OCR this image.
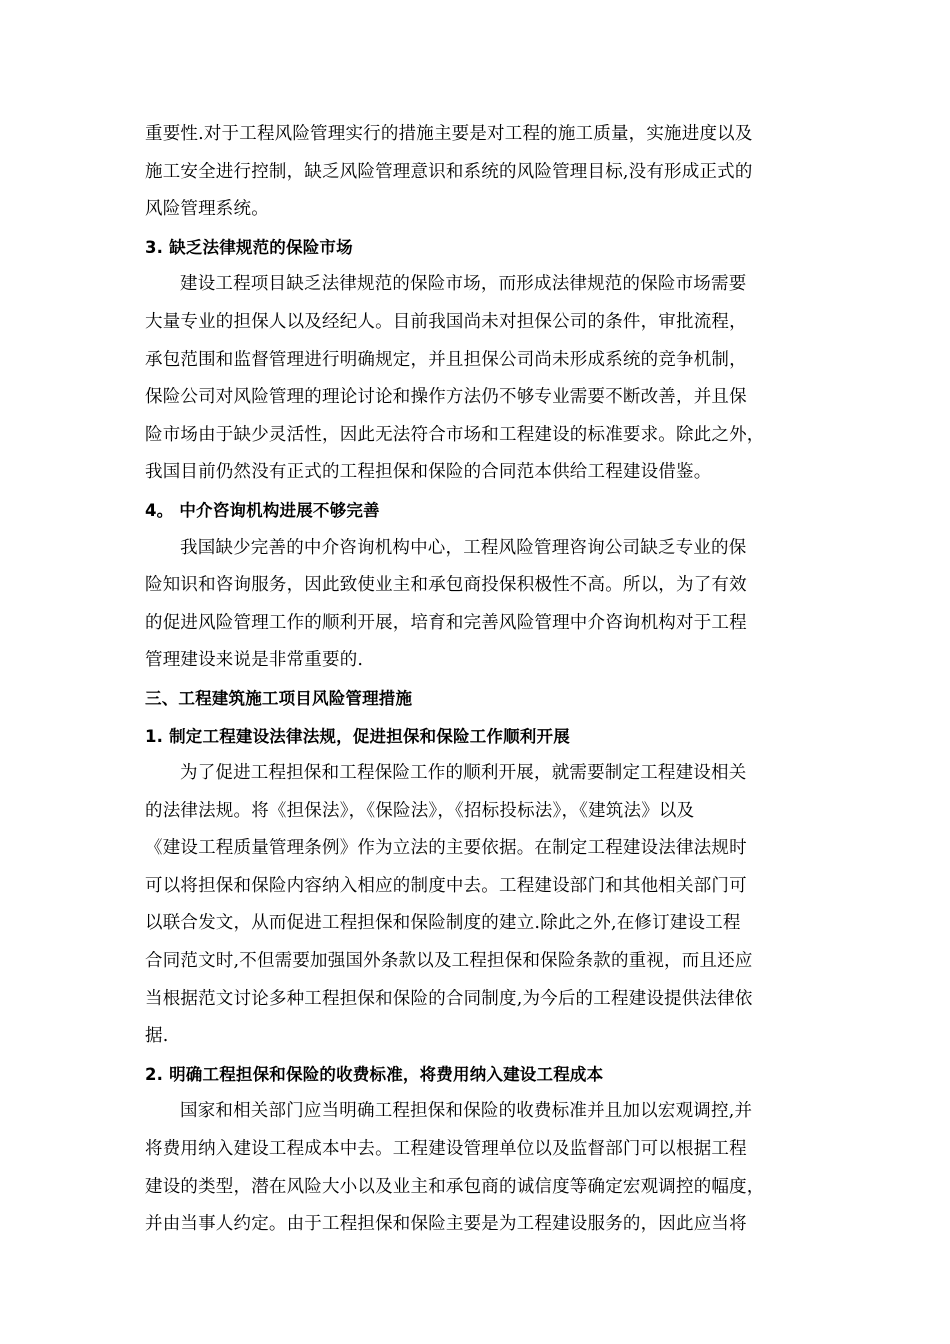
重要性.对于工程风险管理实行的措施主要是对工程的施工质量，实施进度以及
施工安全进行控制，缺乏风险管理意识和系统的风险管理目标,没有形成正式的
风险管理系统。
3. 缺乏法律规范的保险市场
建设工程项目缺乏法律规范的保险市场，而形成法律规范的保险市场需要
大量专业的担保人以及经纪人。目前我国尚未对担保公司的条件，审批流程，
承包范围和监督管理进行明确规定，并且担保公司尚未形成系统的竞争机制，
保险公司对风险管理的理论讨论和操作方法仍不够专业需要不断改善，并且保
险市场由于缺少灵活性，因此无法符合市场和工程建设的标准要求。除此之外，
我国目前仍然没有正式的工程担保和保险的合同范本供给工程建设借鉴。
4。 中介咨询机构进展不够完善
我国缺少完善的中介咨询机构中心，工程风险管理咨询公司缺乏专业的保
险知识和咨询服务，因此致使业主和承包商投保积极性不高。所以，为了有效
的促进风险管理工作的顺利开展，培育和完善风险管理中介咨询机构对于工程
管理建设来说是非常重要的.
三、工程建筑施工项目风险管理措施
1. 制定工程建设法律法规，促进担保和保险工作顺利开展
为了促进工程担保和工程保险工作的顺利开展，就需要制定工程建设相关
的法律法规。将《担保法》，《保险法》，《招标投标法》，《建筑法》以及
《建设工程质量管理条例》作为立法的主要依据。在制定工程建设法律法规时
可以将担保和保险内容纳入相应的制度中去。工程建设部门和其他相关部门可
以联合发文，从而促进工程担保和保险制度的建立.除此之外,在修订建设工程
合同范文时,不但需要加强国外条款以及工程担保和保险条款的重视，而且还应
当根据范文讨论多种工程担保和保险的合同制度,为今后的工程建设提供法律依
据.
2. 明确工程担保和保险的收费标准，将费用纳入建设工程成本
国家和相关部门应当明确工程担保和保险的收费标准并且加以宏观调控,并
将费用纳入建设工程成本中去。工程建设管理单位以及监督部门可以根据工程
建设的类型，潜在风险大小以及业主和承包商的诚信度等确定宏观调控的幅度，
并由当事人约定。由于工程担保和保险主要是为工程建设服务的，因此应当将
